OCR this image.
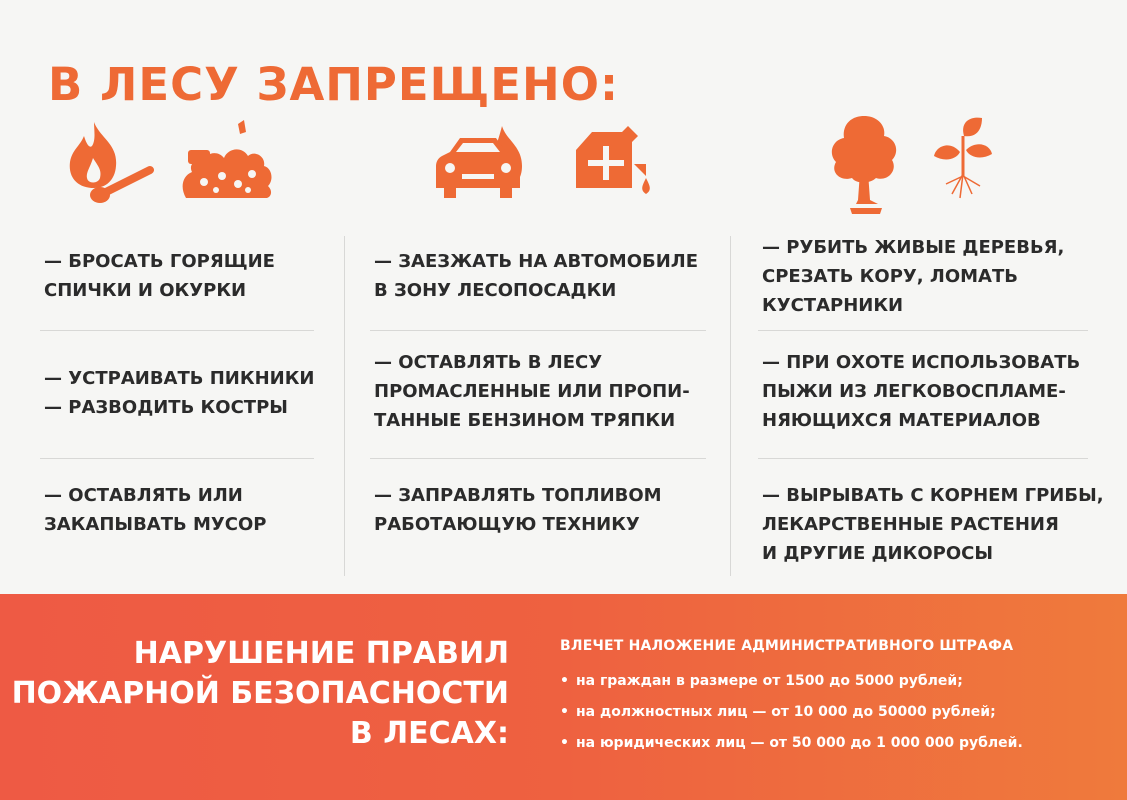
В ЛЕСУ ЗАПРЕЩЕНО:
— БРОСАТЬ ГОРЯЩИЕ
СПИЧКИ И ОКУРКИ
— УСТРАИВАТЬ ПИКНИКИ
— РАЗВОДИТЬ КОСТРЫ
— ОСТАВЛЯТЬ ИЛИ
ЗАКАПЫВАТЬ МУСОР
— ЗАЕЗЖАТЬ НА АВТОМОБИЛЕ
В ЗОНУ ЛЕСОПОСАДКИ
— ОСТАВЛЯТЬ В ЛЕСУ
ПРОМАСЛЕННЫЕ ИЛИ ПРОПИ-
ТАННЫЕ БЕНЗИНОМ ТРЯПКИ
— ЗАПРАВЛЯТЬ ТОПЛИВОМ
РАБОТАЮЩУЮ ТЕХНИКУ
— РУБИТЬ ЖИВЫЕ ДЕРЕВЬЯ,
СРЕЗАТЬ КОРУ, ЛОМАТЬ
КУСТАРНИКИ
— ПРИ ОХОТЕ ИСПОЛЬЗОВАТЬ
ПЫЖИ ИЗ ЛЕГКОВОСПЛАМЕ-
НЯЮЩИХСЯ МАТЕРИАЛОВ
— ВЫРЫВАТЬ С КОРНЕМ ГРИБЫ,
ЛЕКАРСТВЕННЫЕ РАСТЕНИЯ
И ДРУГИЕ ДИКОРОСЫ
НАРУШЕНИЕ ПРАВИЛ
ПОЖАРНОЙ БЕЗОПАСНОСТИ
В ЛЕСАХ:
ВЛЕЧЕТ НАЛОЖЕНИЕ АДМИНИСТРАТИВНОГО ШТРАФА
• на граждан в размере от 1500 до 5000 рублей;
• на должностных лиц — от 10 000 до 50000 рублей;
• на юридических лиц — от 50 000 до 1 000 000 рублей.
